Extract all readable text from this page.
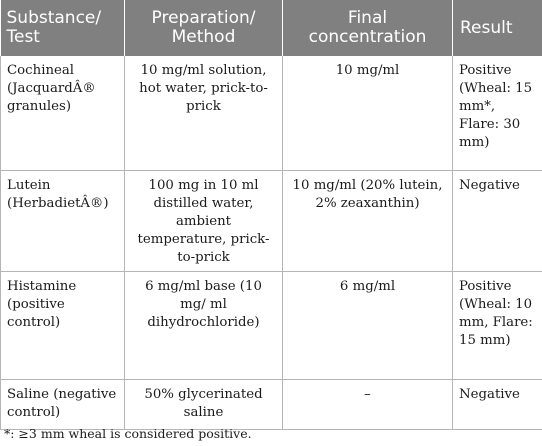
Substance/ Test	Preparation/ Method	Final concentration	Result
Cochineal (JacquardÂ® granules)	10 mg/ml solution, hot water, prick-to-prick	10 mg/ml	Positive (Wheal: 15 mm*, Flare: 30 mm)
Lutein (HerbadietÂ®)	100 mg in 10 ml distilled water, ambient temperature, prick-to-prick	10 mg/ml (20% lutein, 2% zeaxanthin)	Negative
Histamine (positive control)	6 mg/ml base (10 mg/ ml dihydrochloride)	6 mg/ml	Positive (Wheal: 10 mm, Flare: 15 mm)
Saline (negative control)	50% glycerinated saline	–	Negative
*: ≥3 mm wheal is considered positive.
